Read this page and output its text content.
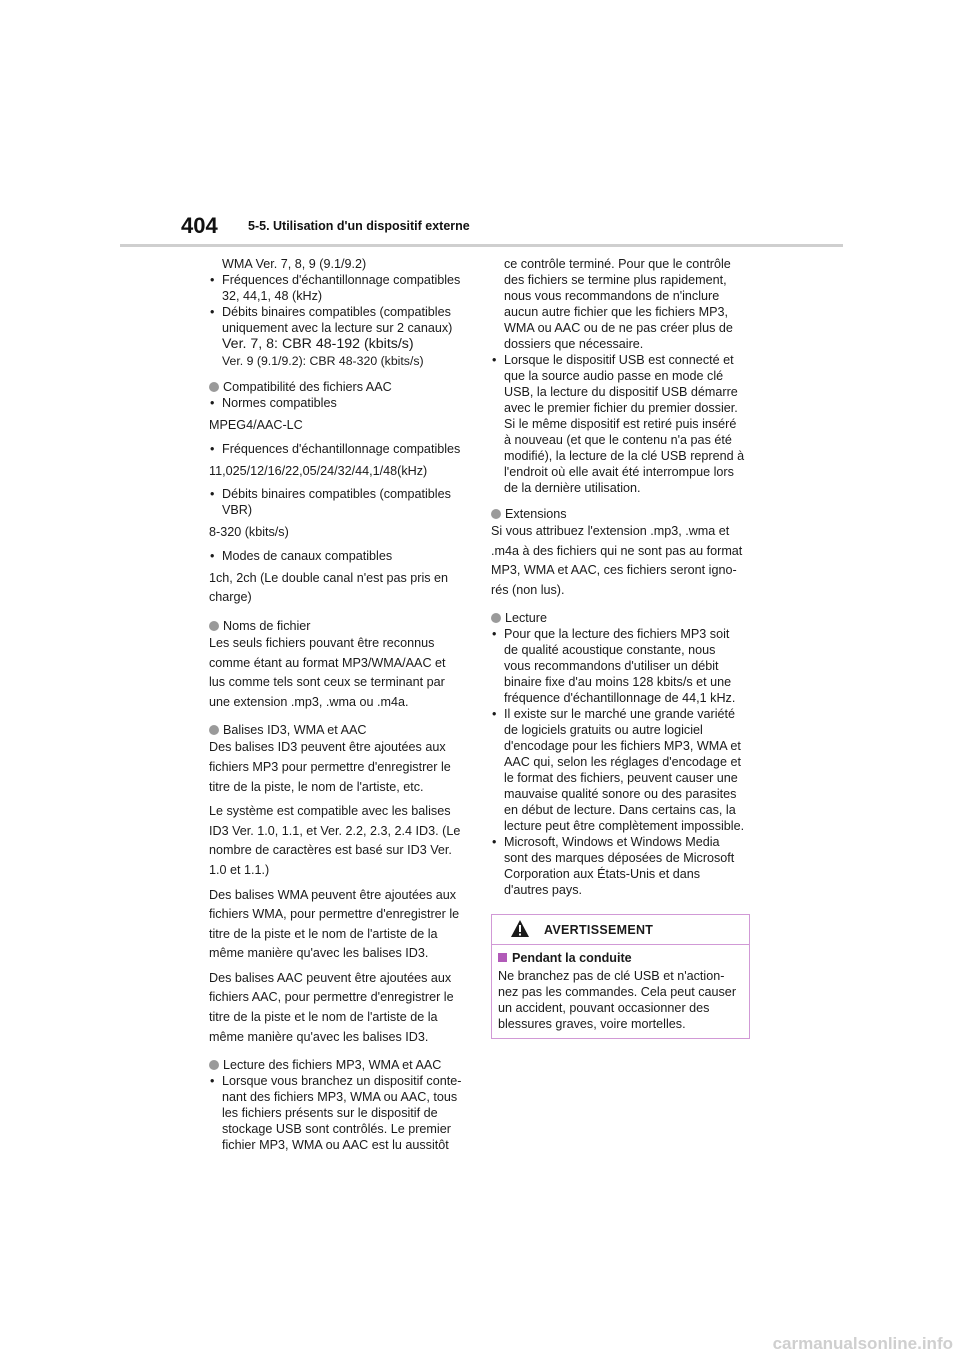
404 5-5. Utilisation d'un dispositif externe
WMA Ver. 7, 8, 9 (9.1/9.2)
• Fréquences d'échantillonnage compatibles
32, 44,1, 48 (kHz)
• Débits binaires compatibles (compatibles
uniquement avec la lecture sur 2 canaux)
Ver. 7, 8: CBR 48-192 (kbits/s)
Ver. 9 (9.1/9.2): CBR 48-320 (kbits/s)
Compatibilité des fichiers AAC
• Normes compatibles
MPEG4/AAC-LC
• Fréquences d'échantillonnage compatibles
11,025/12/16/22,05/24/32/44,1/48(kHz)
• Débits binaires compatibles (compatibles
VBR)
8-320 (kbits/s)
• Modes de canaux compatibles
1ch, 2ch (Le double canal n'est pas pris en
charge)
Noms de fichier
Les seuls fichiers pouvant être reconnus
comme étant au format MP3/WMA/AAC et
lus comme tels sont ceux se terminant par
une extension .mp3, .wma ou .m4a.
Balises ID3, WMA et AAC
Des balises ID3 peuvent être ajoutées aux
fichiers MP3 pour permettre d'enregistrer le
titre de la piste, le nom de l'artiste, etc.
Le système est compatible avec les balises
ID3 Ver. 1.0, 1.1, et Ver. 2.2, 2.3, 2.4 ID3. (Le
nombre de caractères est basé sur ID3 Ver.
1.0 et 1.1.)
Des balises WMA peuvent être ajoutées aux
fichiers WMA, pour permettre d'enregistrer le
titre de la piste et le nom de l'artiste de la
même manière qu'avec les balises ID3.
Des balises AAC peuvent être ajoutées aux
fichiers AAC, pour permettre d'enregistrer le
titre de la piste et le nom de l'artiste de la
même manière qu'avec les balises ID3.
Lecture des fichiers MP3, WMA et AAC
• Lorsque vous branchez un dispositif conte-
nant des fichiers MP3, WMA ou AAC, tous
les fichiers présents sur le dispositif de
stockage USB sont contrôlés. Le premier
fichier MP3, WMA ou AAC est lu aussitôt
ce contrôle terminé. Pour que le contrôle
des fichiers se termine plus rapidement,
nous vous recommandons de n'inclure
aucun autre fichier que les fichiers MP3,
WMA ou AAC ou de ne pas créer plus de
dossiers que nécessaire.
• Lorsque le dispositif USB est connecté et
que la source audio passe en mode clé
USB, la lecture du dispositif USB démarre
avec le premier fichier du premier dossier.
Si le même dispositif est retiré puis inséré
à nouveau (et que le contenu n'a pas été
modifié), la lecture de la clé USB reprend à
l'endroit où elle avait été interrompue lors
de la dernière utilisation.
Extensions
Si vous attribuez l'extension .mp3, .wma et
.m4a à des fichiers qui ne sont pas au format
MP3, WMA et AAC, ces fichiers seront igno-
rés (non lus).
Lecture
• Pour que la lecture des fichiers MP3 soit
de qualité acoustique constante, nous
vous recommandons d'utiliser un débit
binaire fixe d'au moins 128 kbits/s et une
fréquence d'échantillonnage de 44,1 kHz.
• Il existe sur le marché une grande variété
de logiciels gratuits ou autre logiciel
d'encodage pour les fichiers MP3, WMA et
AAC qui, selon les réglages d'encodage et
le format des fichiers, peuvent causer une
mauvaise qualité sonore ou des parasites
en début de lecture. Dans certains cas, la
lecture peut être complètement impossible.
• Microsoft, Windows et Windows Media
sont des marques déposées de Microsoft
Corporation aux États-Unis et dans
d'autres pays.
AVERTISSEMENT
Pendant la conduite
Ne branchez pas de clé USB et n'action-
nez pas les commandes. Cela peut causer
un accident, pouvant occasionner des
blessures graves, voire mortelles.
carmanualsonline.info
